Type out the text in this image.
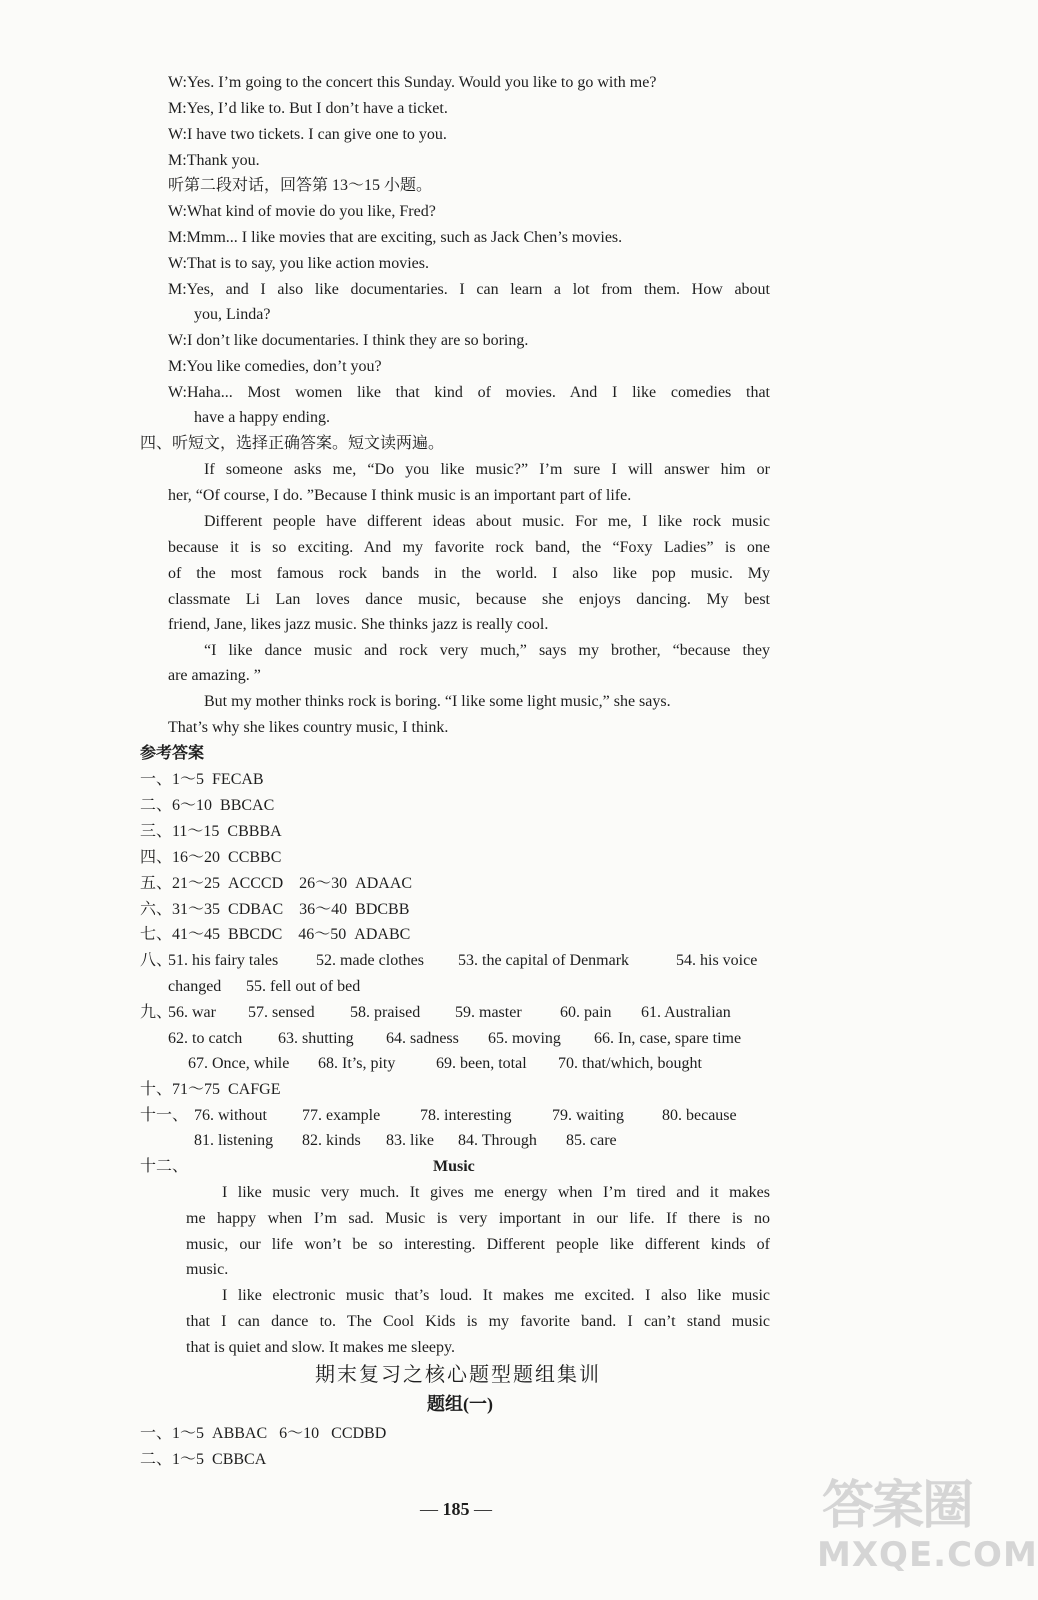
W:Yes. I’m going to the concert this Sunday. Would you like to go with me?
M:Yes, I’d like to. But I don’t have a ticket.
W:I have two tickets. I can give one to you.
M:Thank you.
听第二段对话，回答第 13～15 小题。
W:What kind of movie do you like, Fred?
M:Mmm... I like movies that are exciting, such as Jack Chen’s movies.
W:That is to say, you like action movies.
M:Yes, and I also like documentaries. I can learn a lot from them. How about
you, Linda?
W:I don’t like documentaries. I think they are so boring.
M:You like comedies, don’t you?
W:Haha... Most women like that kind of movies. And I like comedies that
have a happy ending.
四、听短文，选择正确答案。短文读两遍。
If someone asks me, “Do you like music?” I’m sure I will answer him or
her, “Of course, I do. ”Because I think music is an important part of life.
Different people have different ideas about music. For me, I like rock music
because it is so exciting. And my favorite rock band, the “Foxy Ladies” is one
of the most famous rock bands in the world. I also like pop music. My
classmate Li Lan loves dance music, because she enjoys dancing. My best
friend, Jane, likes jazz music. She thinks jazz is really cool.
“I like dance music and rock very much,” says my brother, “because they
are amazing. ”
But my mother thinks rock is boring. “I like some light music,” she says.
That’s why she likes country music, I think.
参考答案
一、1～5 FECAB
二、6～10 BBCAC
三、11～15 CBBBA
四、16～20 CCBBC
五、21～25 ACCCD 26～30 ADAAC
六、31～35 CDBAC 36～40 BDCBB
七、41～45 BBCDC 46～50 ADABC
八、
51. his fairy tales 52. made clothes 53. the capital of Denmark	54. his voice
changed 55. fell out of bed
九、
56. war 57. sensed 58. praised 59. master 60. pain 61. Australian
62. to catch 63. shutting 64. sadness 65. moving 66. In, case, spare time
67. Once, while 68. It’s, pity	69. been, total 70. that/which, bought
十、71～75 CAFGE
十一、 76. without 77. example 78. interesting	79. waiting 80. because
81. listening 82. kinds 83. like 84. Through 85. care
十二、	Music
I like music very much. It gives me energy when I’m tired and it makes
me happy when I’m sad. Music is very important in our life. If there is no
music, our life won’t be so interesting. Different people like different kinds of
music.
I like electronic music that’s loud. It makes me excited. I also like music
that I can dance to. The Cool Kids is my favorite band. I can’t stand music
that is quiet and slow. It makes me sleepy.
期末复习之核心题型题组集训
题组(一)
一、1～5 ABBAC 6～10 CCDBD
二、1～5 CBBCA
— 185 —	答案圈
MXQE.COM
